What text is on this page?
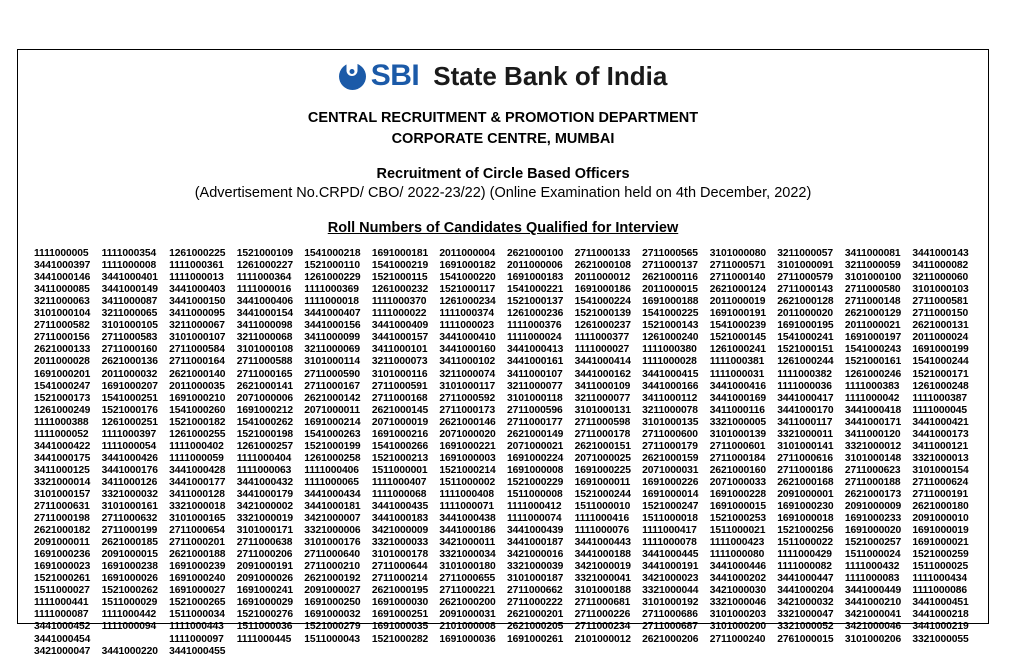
SBI State Bank of India
CENTRAL RECRUITMENT & PROMOTION DEPARTMENT
CORPORATE CENTRE, MUMBAI
Recruitment of Circle Based Officers
(Advertisement No.CRPD/ CBO/ 2022-23/22) (Online Examination held on 4th December, 2022)
Roll Numbers of Candidates Qualified for Interview
1111000005	1111000354	1261000225	1521000109	1541000218	1691000181	2011000004	2621000100	2711000133	2711000565	3101000080	3211000057	3411000081	3441000143
3441000397	1111000008	1111000361	1261000227	1521000110	1541000219	1691000182	2011000006	2621000108	2711000137	2711000571	3101000091	3211000059	3411000082
3441000146	3441000401	1111000013	1111000364	1261000229	1521000115	1541000220	1691000183	2011000012	2621000116	2711000140	2711000579	3101000100	3211000060
3411000085	3441000149	3441000403	1111000016	1111000369	1261000232	1521000117	1541000221	1691000186	2011000015	2621000124	2711000143	2711000580	3101000103
3211000063	3411000087	3441000150	3441000406	1111000018	1111000370	1261000234	1521000137	1541000224	1691000188	2011000019	2621000128	2711000148	2711000581
3101000104	3211000065	3411000095	3441000154	3441000407	1111000022	1111000374	1261000236	1521000139	1541000225	1691000191	2011000020	2621000129	2711000150
2711000582	3101000105	3211000067	3411000098	3441000156	3441000409	1111000023	1111000376	1261000237	1521000143	1541000239	1691000195	2011000021	2621000131
2711000156	2711000583	3101000107	3211000068	3411000099	3441000157	3441000410	1111000024	1111000377	1261000240	1521000145	1541000241	1691000197	2011000024
2621000133	2711000160	2711000584	3101000108	3211000069	3411000101	3441000160	3441000413	1111000027	1111000380	1261000241	1521000151	1541000243	1691000199
2011000028	2621000136	2711000164	2711000588	3101000114	3211000073	3411000102	3441000161	3441000414	1111000028	1111000381	1261000244	1521000161	1541000244
1691000201	2011000032	2621000140	2711000165	2711000590	3101000116	3211000074	3411000107	3441000162	3441000415	1111000031	1111000382	1261000246	1521000171
1541000247	1691000207	2011000035	2621000141	2711000167	2711000591	3101000117	3211000077	3411000109	3441000166	3441000416	1111000036	1111000383	1261000248
1521000173	1541000251	1691000210	2071000006	2621000142	2711000168	2711000592	3101000118	3211000077	3411000112	3441000169	3441000417	1111000042	1111000387
1261000249	1521000176	1541000260	1691000212	2071000011	2621000145	2711000173	2711000596	3101000131	3211000078	3411000116	3441000170	3441000418	1111000045
1111000388	1261000251	1521000182	1541000262	1691000214	2071000019	2621000146	2711000177	2711000598	3101000135	3321000005	3411000117	3441000171	3441000421
1111000052	1111000397	1261000255	1521000198	1541000263	1691000216	2071000020	2621000149	2711000178	2711000600	3101000139	3321000011	3411000120	3441000173
3441000422	1111000054	1111000402	1261000257	1521000199	1541000266	1691000221	2071000021	2621000151	2711000179	2711000601	3101000141	3321000012	3411000121
3441000175	3441000426	1111000059	1111000404	1261000258	1521000213	1691000003	1691000224	2071000025	2621000159	2711000184	2711000616	3101000148	3321000013
3411000125	3441000176	3441000428	1111000063	1111000406	1511000001	1521000214	1691000008	1691000225	2071000031	2621000160	2711000186	2711000623	3101000154
3321000014	3411000126	3441000177	3441000432	1111000065	1111000407	1511000002	1521000229	1691000011	1691000226	2071000033	2621000168	2711000188	2711000624
3101000157	3321000032	3411000128	3441000179	3441000434	1111000068	1111000408	1511000008	1521000244	1691000014	1691000228	2091000001	2621000173	2711000191
2711000631	3101000161	3321000018	3421000002	3441000181	3441000435	1111000071	1111000412	1511000010	1521000247	1691000015	1691000230	2091000009	2621000180
2711000198	2711000632	3101000165	3321000019	3421000007	3441000183	3441000438	1111000074	1111000416	1511000018	1521000253	1691000018	1691000233	2091000010
2621000182	2711000199	2711000654	3101000171	3321000006	3421000009	3441000186	3441000439	1111000076	1111000417	1511000021	1521000256	1691000020	1691000019
2091000011	2621000185	2711000201	2711000638	3101000176	3321000033	3421000011	3441000187	3441000443	1111000078	1111000423	1511000022	1521000257	1691000021
1691000236	2091000015	2621000188	2711000206	2711000640	3101000178	3321000034	3421000016	3441000188	3441000445	1111000080	1111000429	1511000024	1521000259
1691000023	1691000238	1691000239	2091000191	2711000210	2711000644	3101000180	3321000039	3421000019	3441000191	3441000446	1111000082	1111000432	1511000025
1521000261	1691000026	1691000240	2091000026	2621000192	2711000214	2711000655	3101000187	3321000041	3421000023	3441000202	3441000447	1111000083	1111000434
1511000027	1521000262	1691000027	1691000241	2091000027	2621000195	2711000221	2711000662	3101000188	3321000044	3421000030	3441000204	3441000449	1111000086
1111000441	1511000029	1521000265	1691000029	1691000250	1691000030	2621000200	2711000222	2711000681	3101000192	3321000046	3421000032	3441000210	3441000451
1111000087	1111000442	1511000034	1521000276	1691000032	1691000251	2091000031	2621000201	2711000226	2711000686	3101000203	3321000047	3421000041	3441000218
3441000452	1111000094	1111000443	1511000036	1521000279	1691000035	2101000008	2621000205	2711000234	2711000687	3101000200	3321000052	3421000046	3441000219
3441000454	1111000097	1111000445	1511000043	1521000282	1691000036	1691000261	2101000012	2621000206	2711000240	2761000015	3101000206	3321000055
3421000047	3441000220	3441000455
